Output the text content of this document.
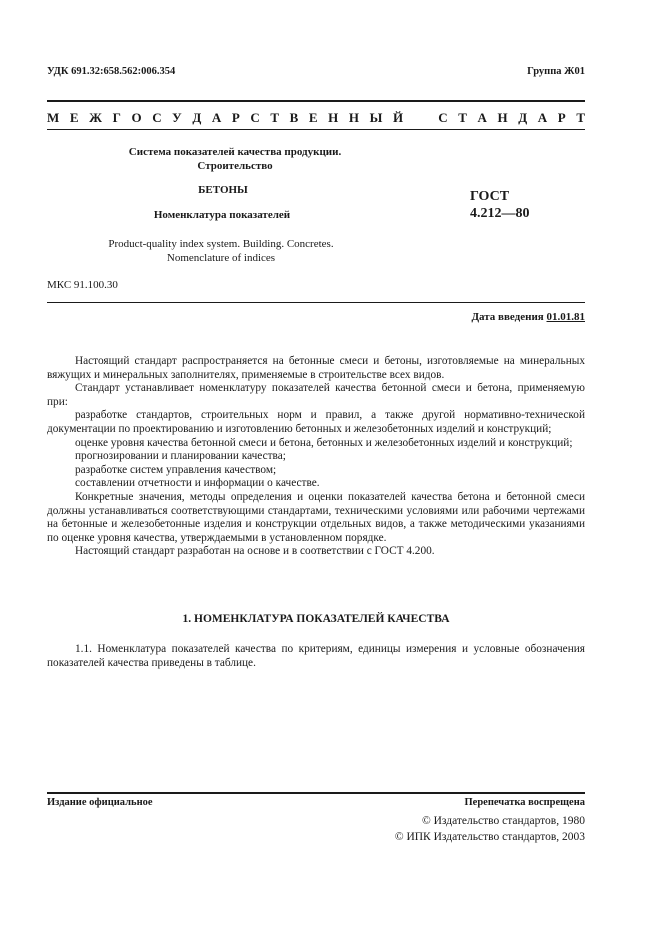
УДК 691.32:658.562:006.354	Группа Ж01
М Е Ж Г О С У Д А Р С Т В Е Н Н Ы Й	С Т А Н Д А Р Т
Система показателей качества продукции.
Строительство
БЕТОНЫ
Номенклатура показателей
ГОСТ
4.212—80
Product-quality index system. Building. Concretes.
Nomenclature of indices
МКС 91.100.30
Дата введения 01.01.81

Настоящий стандарт распространяется на бетонные смеси и бетоны, изготовляемые на минеральных вяжущих и минеральных заполнителях, применяемые в строительстве всех видов.

Стандарт устанавливает номенклатуру показателей качества бетонной смеси и бетона, применяемую при:

разработке стандартов, строительных норм и правил, а также другой нормативно-технической документации по проектированию и изготовлению бетонных и железобетонных изделий и конструкций;

оценке уровня качества бетонной смеси и бетона, бетонных и железобетонных изделий и конструкций;

прогнозировании и планировании качества;

разработке систем управления качеством;

составлении отчетности и информации о качестве.

Конкретные значения, методы определения и оценки показателей качества бетона и бетонной смеси должны устанавливаться соответствующими стандартами, техническими условиями или рабочими чертежами на бетонные и железобетонные изделия и конструкции отдельных видов, а также методическими указаниями по оценке уровня качества, утверждаемыми в установленном порядке.

Настоящий стандарт разработан на основе и в соответствии с ГОСТ 4.200.

1. НОМЕНКЛАТУРА ПОКАЗАТЕЛЕЙ КАЧЕСТВА

1.1. Номенклатура показателей качества по критериям, единицы измерения и условные обозначения показателей качества приведены в таблице.

Издание официальное	Перепечатка воспрещена
© Издательство стандартов, 1980
© ИПК Издательство стандартов, 2003
